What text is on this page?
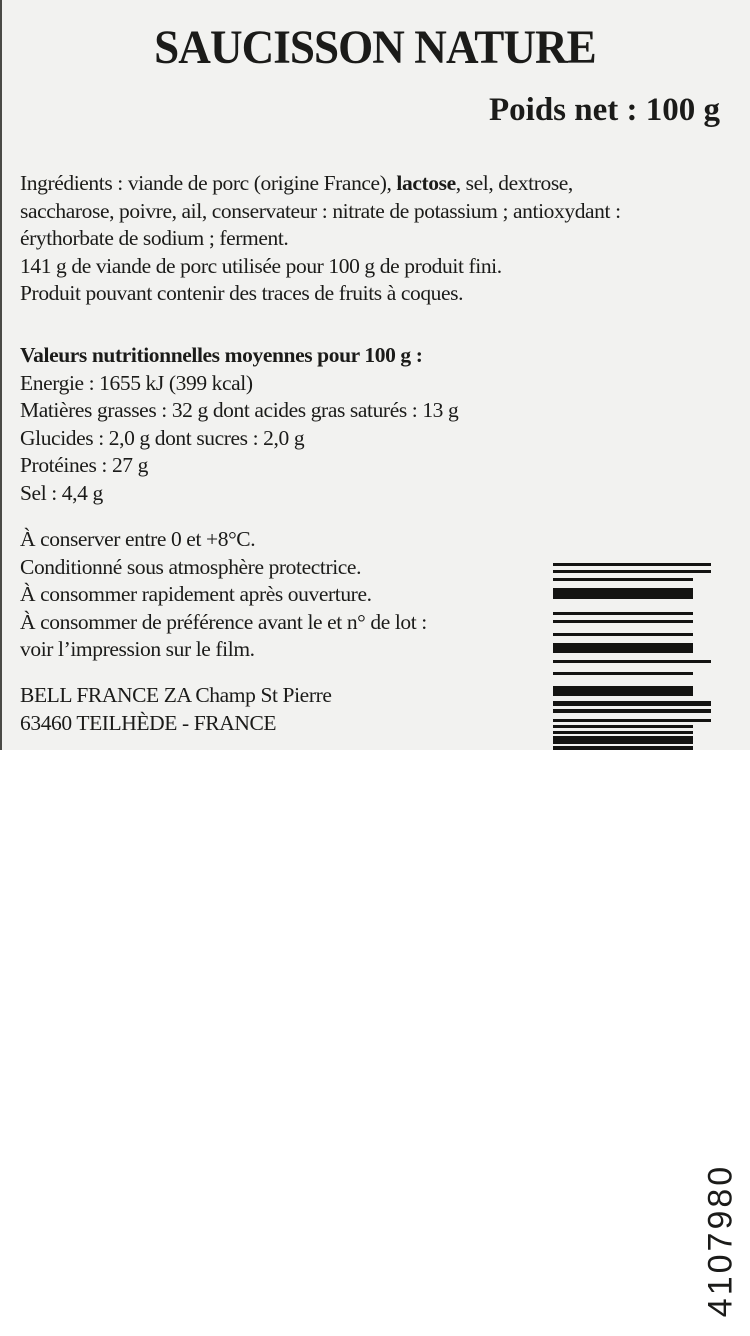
SAUCISSON NATURE
Poids net : 100 g
Ingrédients : viande de porc (origine France), lactose, sel, dextrose,
saccharose, poivre, ail, conservateur : nitrate de potassium ; antioxydant :
érythorbate de sodium ; ferment.
141 g de viande de porc utilisée pour 100 g de produit fini.
Produit pouvant contenir des traces de fruits à coques.
Valeurs nutritionnelles moyennes pour 100 g :
Energie : 1655 kJ (399 kcal)
Matières grasses : 32 g dont acides gras saturés : 13 g
Glucides : 2,0 g dont sucres : 2,0 g
Protéines : 27 g
Sel : 4,4 g
À conserver entre 0 et +8°C.
Conditionné sous atmosphère protectrice.
À consommer rapidement après ouverture.
À consommer de préférence avant le et n° de lot :
voir l’impression sur le film.
BELL FRANCE ZA Champ St Pierre
63460 TEILHÈDE - FRANCE
4107980
